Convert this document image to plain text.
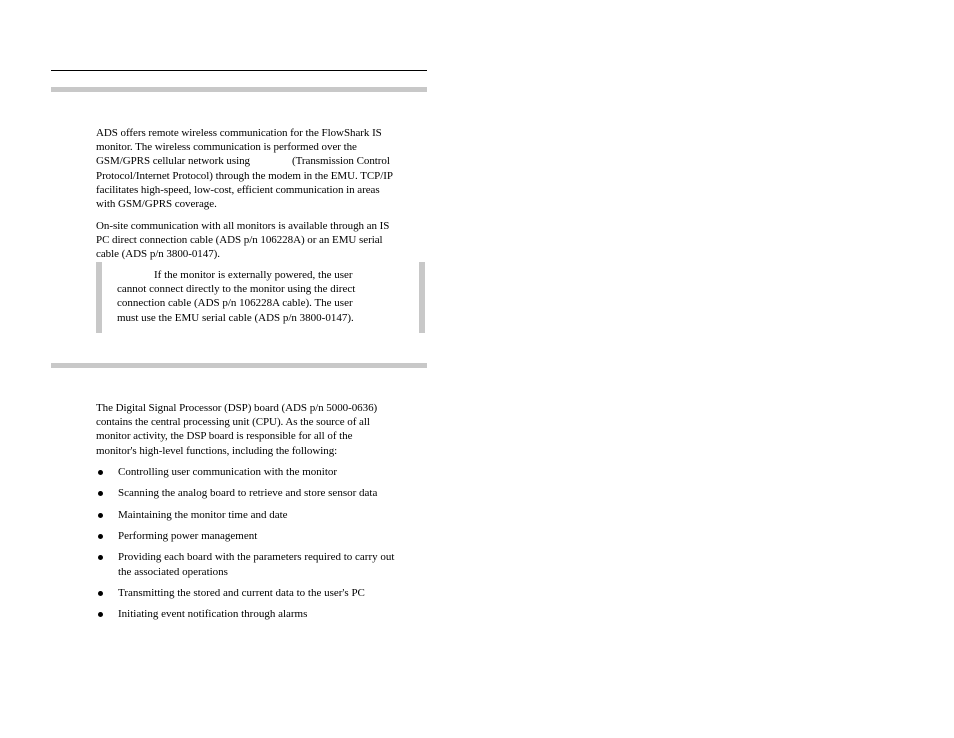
ADS offers remote wireless communication for the FlowShark IS
monitor. The wireless communication is performed over the
GSM/GPRS cellular network using	(Transmission Control
Protocol/Internet Protocol) through the modem in the EMU. TCP/IP
facilitates high-speed, low-cost, efficient communication in areas
with GSM/GPRS coverage.

On-site communication with all monitors is available through an IS
PC direct connection cable (ADS p/n 106228A) or an EMU serial
cable (ADS p/n 3800-0147).

If the monitor is externally powered, the user
cannot connect directly to the monitor using the direct
connection cable (ADS p/n 106228A cable). The user
must use the EMU serial cable (ADS p/n 3800-0147).

The Digital Signal Processor (DSP) board (ADS p/n 5000-0636)
contains the central processing unit (CPU). As the source of all
monitor activity, the DSP board is responsible for all of the
monitor's high-level functions, including the following:

Controlling user communication with the monitor
Scanning the analog board to retrieve and store sensor data
Maintaining the monitor time and date
Performing power management
Providing each board with the parameters required to carry out
the associated operations
Transmitting the stored and current data to the user's PC
Initiating event notification through alarms
